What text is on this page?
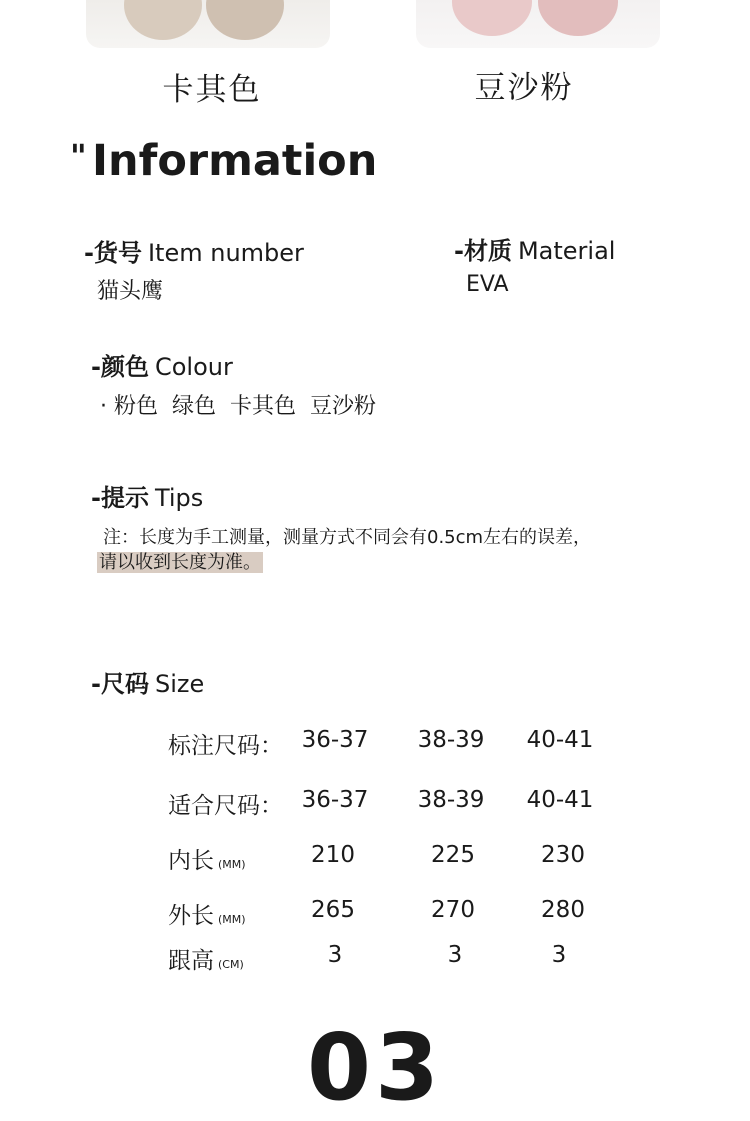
卡其色	豆沙粉
" Information
-货号 Item number
猫头鹰
-材质 Material
EVA
-颜色 Colour
· 粉色  绿色  卡其色  豆沙粉
-提示 Tips
注：长度为手工测量，测量方式不同会有0.5cm左右的误差，
请以收到长度为准。
-尺码 Size
标注尺码： 36-37	38-39	40-41
适合尺码： 36-37	38-39	40-41
内长 (MM)	210	225	230
外长 (MM)	265	270	280
跟高 (CM)	3	3	3
03
